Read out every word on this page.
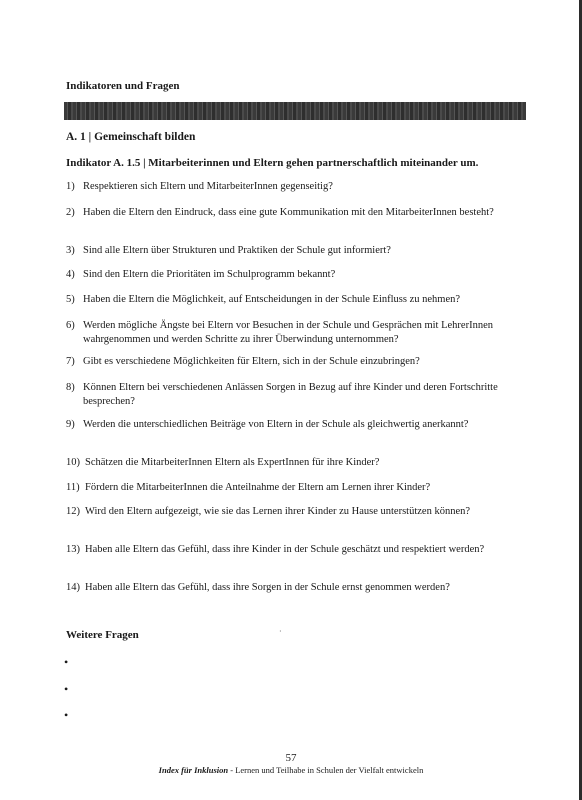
Indikatoren und Fragen
A. 1 | Gemeinschaft bilden
Indikator A. 1.5 | Mitarbeiterinnen und Eltern gehen partnerschaftlich miteinander um.
1) Respektieren sich Eltern und MitarbeiterInnen gegenseitig?
2) Haben die Eltern den Eindruck, dass eine gute Kommunikation mit den MitarbeiterInnen besteht?
3) Sind alle Eltern über Strukturen und Praktiken der Schule gut informiert?
4) Sind den Eltern die Prioritäten im Schulprogramm bekannt?
5) Haben die Eltern die Möglichkeit, auf Entscheidungen in der Schule Einfluss zu nehmen?
6) Werden mögliche Ängste bei Eltern vor Besuchen in der Schule und Gesprächen mit LehrerInnen wahrgenommen und werden Schritte zu ihrer Überwindung unternommen?
7) Gibt es verschiedene Möglichkeiten für Eltern, sich in der Schule einzubringen?
8) Können Eltern bei verschiedenen Anlässen Sorgen in Bezug auf ihre Kinder und deren Fortschritte besprechen?
9) Werden die unterschiedlichen Beiträge von Eltern in der Schule als gleichwertig anerkannt?
10) Schätzen die MitarbeiterInnen Eltern als ExpertInnen für ihre Kinder?
11) Fördern die MitarbeiterInnen die Anteilnahme der Eltern am Lernen ihrer Kinder?
12) Wird den Eltern aufgezeigt, wie sie das Lernen ihrer Kinder zu Hause unterstützen können?
13) Haben alle Eltern das Gefühl, dass ihre Kinder in der Schule geschätzt und respektiert werden?
14) Haben alle Eltern das Gefühl, dass ihre Sorgen in der Schule ernst genommen werden?
·
Weitere Fragen
•
•
•
57
Index für Inklusion - Lernen und Teilhabe in Schulen der Vielfalt entwickeln
